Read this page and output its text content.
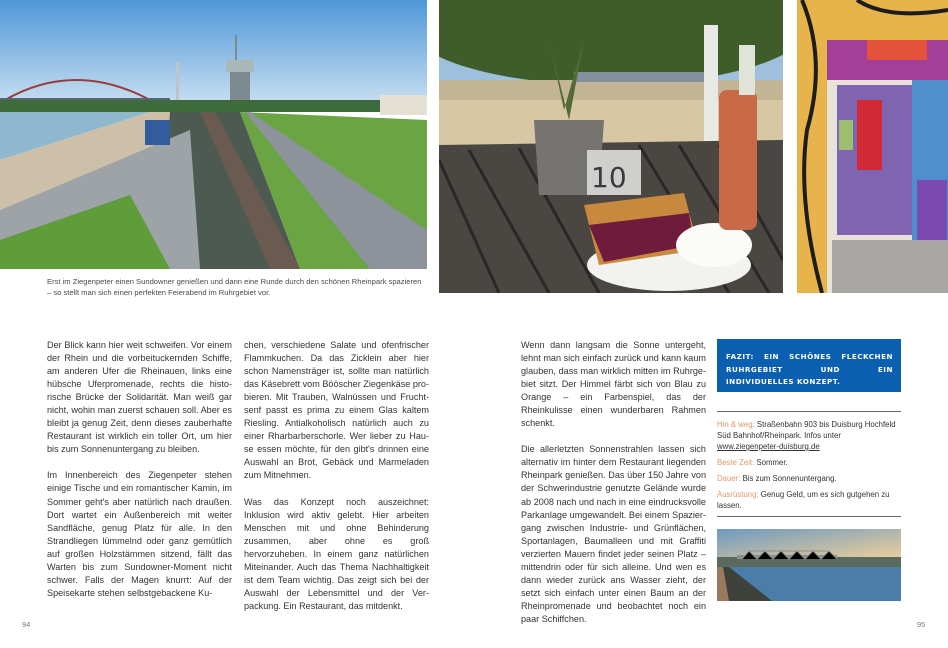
10
Erst im Ziegenpeter einen Sundowner genießen und dann eine Runde durch den schönen Rheinpark spazieren – so stellt man sich einen perfekten Feierabend im Ruhrgebiet vor.

Der Blick kann hier weit schweifen. Vor einem der Rhein und die vorbeituckernden Schiffe, am anderen Ufer die Rheinauen, links eine hübsche Uferpromenade, rechts die historische Brücke der Solidarität. Man weiß gar nicht, wohin man zuerst schauen soll. Aber es bleibt ja genug Zeit, denn dieses zauberhafte Restaurant ist wirklich ein toller Ort, um hier bis zum Sonnenuntergang zu bleiben.

Im Innenbereich des Ziegenpeter stehen einige Tische und ein romantischer Kamin, im Sommer geht's aber natürlich nach draußen. Dort wartet ein Außenbereich mit weiter Sandfläche, genug Platz für alle. In den Strandliegen lümmelnd oder ganz gemütlich auf großen Holzstämmen sitzend, fällt das Warten bis zum Sundowner-Moment nicht schwer. Falls der Magen knurrt: Auf der Speisekarte stehen selbstgebackene Ku-

chen, verschiedene Salate und ofenfrischer Flammkuchen. Da das Zicklein aber hier schon Namensträger ist, sollte man natürlich das Käsebrett vom Bööscher Ziegenkäse probieren. Mit Trauben, Walnüssen und Fruchtsenf passt es prima zu einem Glas kaltem Riesling. Antialkoholisch natürlich auch zu einer Rharbarberschorle. Wer lieber zu Hause essen möchte, für den gibt's drinnen eine Auswahl an Brot, Gebäck und Marmeladen zum Mitnehmen.

Was das Konzept noch auszeichnet: Inklusion wird aktiv gelebt. Hier arbeiten Menschen mit und ohne Behinderung zusammen, aber ohne es groß hervorzuheben. In einem ganz natürlichen Miteinander. Auch das Thema Nachhaltigkeit ist dem Team wichtig. Das zeigt sich bei der Auswahl der Lebensmittel und der Verpackung. Ein Restaurant, das mitdenkt.

Wenn dann langsam die Sonne untergeht, lehnt man sich einfach zurück und kann kaum glauben, dass man wirklich mitten im Ruhrgebiet sitzt. Der Himmel färbt sich von Blau zu Orange – ein Farbenspiel, das der Rheinkulisse einen wunderbaren Rahmen schenkt.

Die allerletzten Sonnenstrahlen lassen sich alternativ im hinter dem Restaurant liegenden Rheinpark genießen. Das über 150 Jahre von der Schwerindustrie genutzte Gelände wurde ab 2008 nach und nach in eine eindrucksvolle Parkanlage umgewandelt. Bei einem Spaziergang zwischen Industrie- und Grünflächen, Sportanlagen, Baumalleen und mit Graffiti verzierten Mauern findet jeder seinen Platz – mittendrin oder für sich alleine. Und wen es dann wieder zurück ans Wasser zieht, der setzt sich einfach unter einen Baum an der Rheinpromenade und beobachtet noch ein paar Schiffchen.

FAZIT: EIN SCHÖNES FLECKCHEN RUHRGEBIET UND EIN INDIVIDUELLES KONZEPT.
Hin & weg: Straßenbahn 903 bis Duisburg Hochfeld Süd Bahnhof/Rheinpark. Infos unter www.ziegenpeter-duisburg.de
Beste Zeit: Sommer.
Dauer: Bis zum Sonnenuntergang.
Ausrüstung: Genug Geld, um es sich gutgehen zu lassen.
94	95
